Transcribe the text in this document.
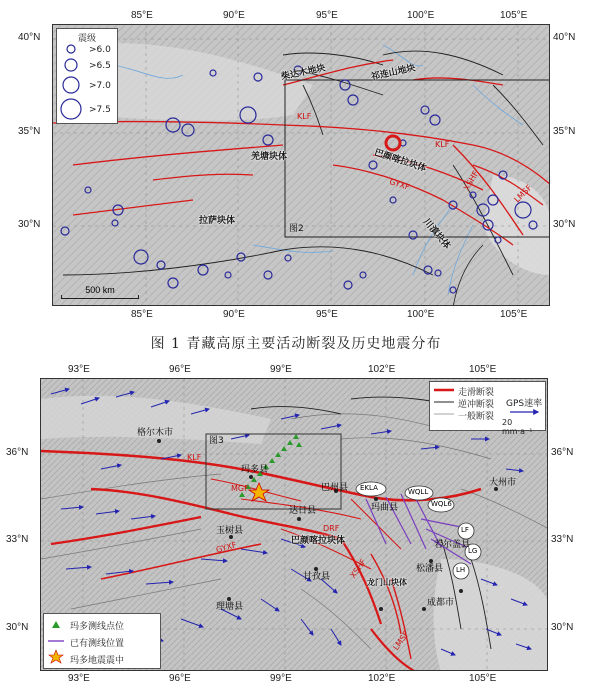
震级
>6.0
>6.5
>7.0
>7.5
500 km
柴达木地块	祁连山地块
羌塘块体	巴颜喀拉块体
拉萨块体	川滇块体
KLF
KLF
GYXF	XSHF
LMSF
图2
85°E	90°E	95°E	100°E	105°E
85°E	90°E	95°E	100°E	105°E
40°N
35°N
30°N
40°N
35°N
30°N
图 1 青藏高原主要活动断裂及历史地震分布
EKLA	WQLL
WQL6
LF
LG
LH
格尔木市
玛多县
玉树县
甘孜县
理塘县	成都市
巴州县
玛曲县
大州市
松潘县
若尔盖县
达日县
巴颜喀拉块体
龙门山块体
KLF
MGF
GYXF
XSHF
LMSF
DRF
图3
走滑断裂
逆冲断裂
一般断裂
GPS速率
20 mm·a⁻¹
玛多测线点位
已有测线位置
玛多地震震中
93°E	96°E	99°E	102°E	105°E
93°E	96°E	99°E	102°E	105°E
36°N
33°N
30°N
36°N
33°N
30°N
